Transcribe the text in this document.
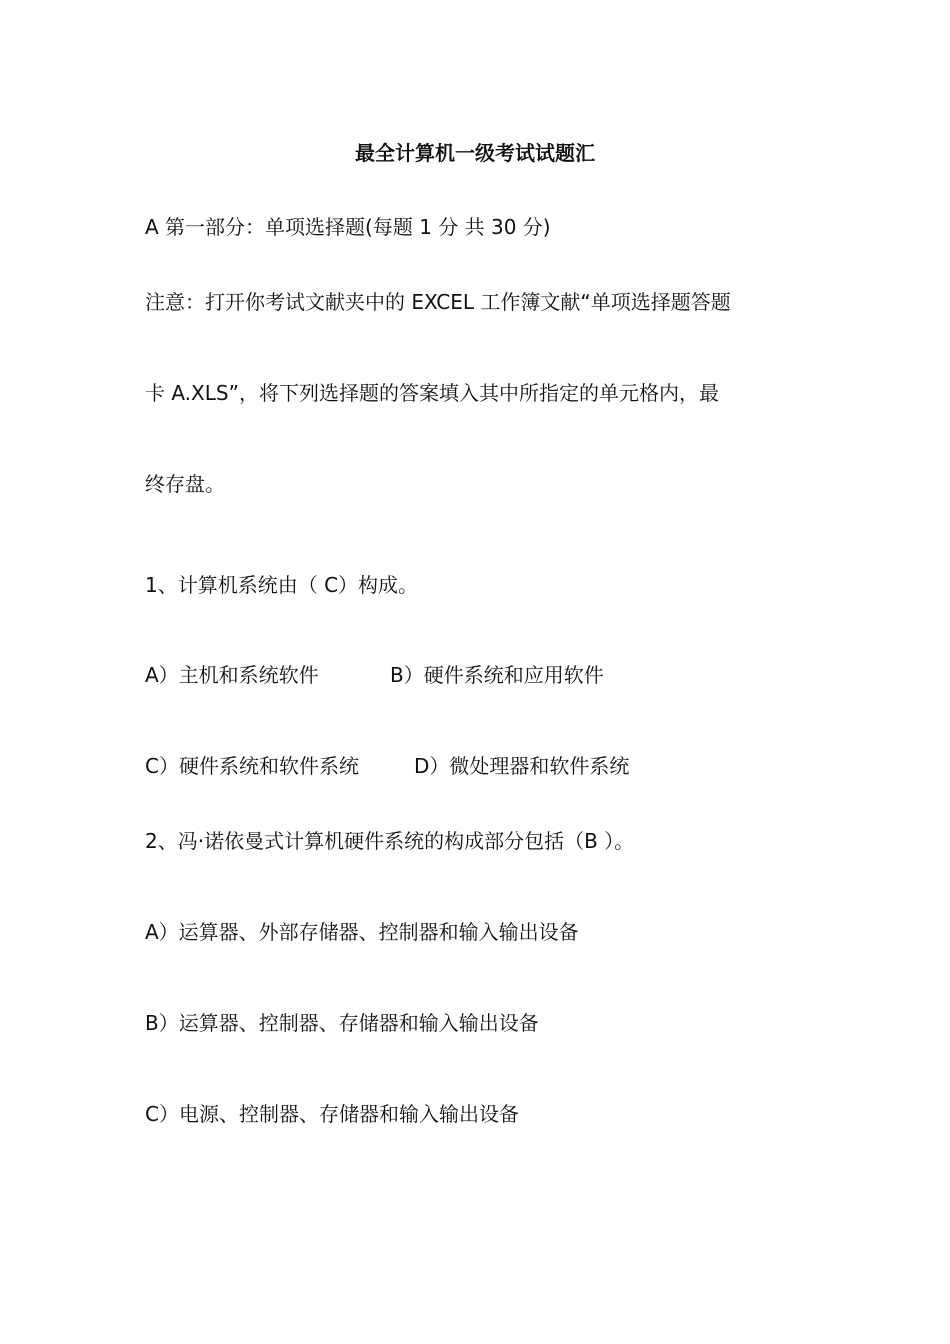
最全计算机一级考试试题汇
A 第一部分：单项选择题(每题 1 分 共 30 分)
注意：打开你考试文献夹中的 EXCEL 工作簿文献“单项选择题答题
卡 A.XLS”，将下列选择题的答案填入其中所指定的单元格内，最
终存盘。
1、计算机系统由（ C）构成。
A）主机和系统软件	B）硬件系统和应用软件
C）硬件系统和软件系统	D）微处理器和软件系统
2、冯·诺依曼式计算机硬件系统的构成部分包括（B ）。
A）运算器、外部存储器、控制器和输入输出设备
B）运算器、控制器、存储器和输入输出设备
C）电源、控制器、存储器和输入输出设备
